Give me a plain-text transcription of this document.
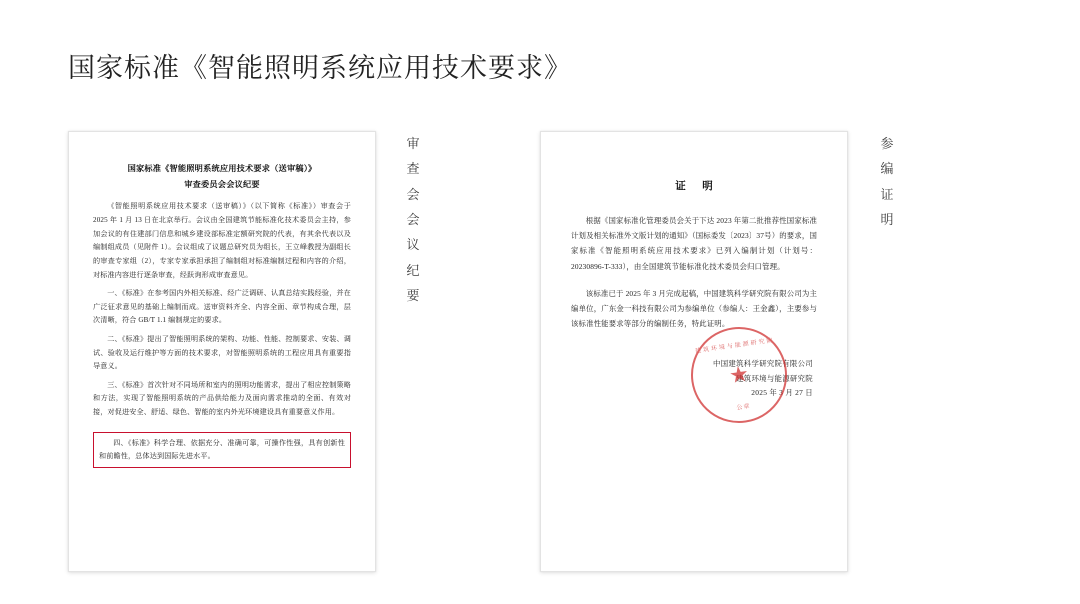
国家标准《智能照明系统应用技术要求》
国家标准《智能照明系统应用技术要求（送审稿）》
审查委员会会议纪要

《智能照明系统应用技术要求（送审稿）》（以下简称《标准》）审查会于 2025 年 1 月 13 日在北京举行。会议由全国建筑节能标准化技术委员会主持，参加会议的有住建部门信息和城乡建设部标准定额研究院的代表，有其余代表以及编制组成员（见附件 1）。会议组成了议题总研究员为组长，王立峰教授为副组长的审查专家组（2），专家专家承担承担了编制组对标准编制过程和内容的介绍，对标准内容进行逐条审查，经跃询形成审查意见。

一、《标准》在参考国内外相关标准、经广泛调研、认真总结实践经验，并在广泛征求意见的基础上编制而成。送审资料齐全、内容全面、章节构成合理，层次清晰，符合 GB/T 1.1 编制规定的要求。

二、《标准》提出了智能照明系统的架构、功能、性能、控制要求、安装、调试、验收及运行维护等方面的技术要求，对智能照明系统的工程应用具有重要指导意义。

三、《标准》首次针对不同场所和室内的照明功能需求，提出了相应控制策略和方法，实现了智能照明系统的产品供给能力及面向需求推动的全面、有效对接，对促进安全、舒适、绿色、智能的室内外光环境建设具有重要意义作用。

四、《标准》科学合理、依据充分、准确可靠，可操作性强，具有创新性和前瞻性，总体达到国际先进水平。

审
查
会
会
议
纪
要
证 明

根据《国家标准化管理委员会关于下达 2023 年第二批推荐性国家标准计划及相关标准外文版计划的通知》（国标委发〔2023〕37号）的要求，国家标准《智能照明系统应用技术要求》已列入编制计划（计划号：20230896-T-333），由全国建筑节能标准化技术委员会归口管理。

该标准已于 2025 年 3 月完成起稿，中国建筑科学研究院有限公司为主编单位，广东金一科技有限公司为参编单位（参编人：王金鑫），主要参与该标准性能要求等部分的编制任务，特此证明。

中国建筑科学研究院有限公司
建筑环境与能源研究院
2025 年 3 月 27 日
建筑环境与能源研究院
★
公章
参
编
证
明
